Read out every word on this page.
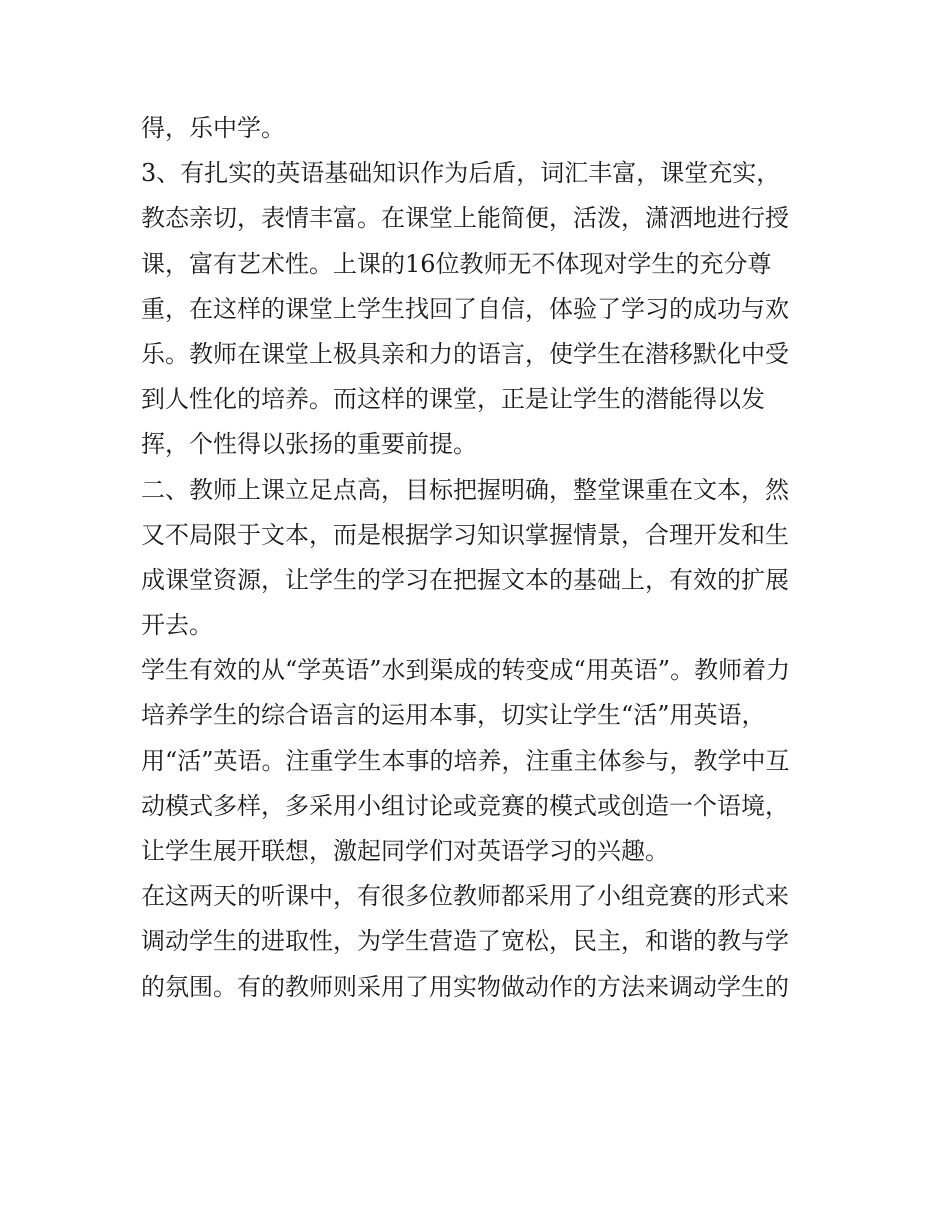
得，乐中学。

3、有扎实的英语基础知识作为后盾，词汇丰富，课堂充实，

教态亲切，表情丰富。在课堂上能简便，活泼，潇洒地进行授

课，富有艺术性。上课的16位教师无不体现对学生的充分尊

重，在这样的课堂上学生找回了自信，体验了学习的成功与欢

乐。教师在课堂上极具亲和力的语言，使学生在潜移默化中受

到人性化的培养。而这样的课堂，正是让学生的潜能得以发

挥，个性得以张扬的重要前提。

二、教师上课立足点高，目标把握明确，整堂课重在文本，然

又不局限于文本，而是根据学习知识掌握情景，合理开发和生

成课堂资源，让学生的学习在把握文本的基础上，有效的扩展

开去。

学生有效的从“学英语”水到渠成的转变成“用英语”。教师着力

培养学生的综合语言的运用本事，切实让学生“活”用英语，

用“活”英语。注重学生本事的培养，注重主体参与，教学中互

动模式多样，多采用小组讨论或竞赛的模式或创造一个语境，

让学生展开联想，激起同学们对英语学习的兴趣。

在这两天的听课中，有很多位教师都采用了小组竞赛的形式来

调动学生的进取性，为学生营造了宽松，民主，和谐的教与学

的氛围。有的教师则采用了用实物做动作的方法来调动学生的
